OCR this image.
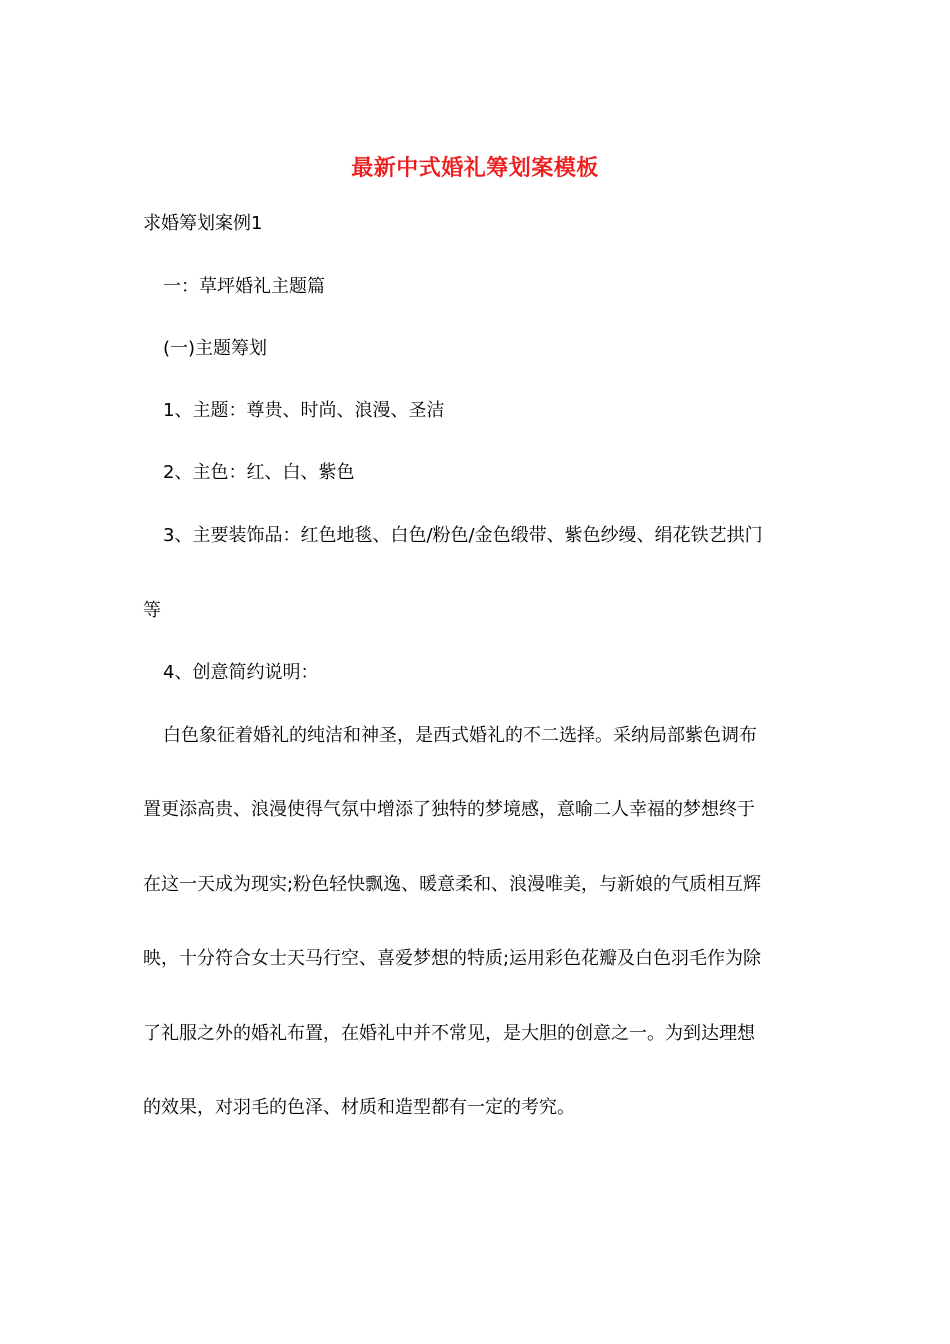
最新中式婚礼筹划案模板
求婚筹划案例1
一：草坪婚礼主题篇
(一)主题筹划
1、主题：尊贵、时尚、浪漫、圣洁
2、主色：红、白、紫色
3、主要装饰品：红色地毯、白色/粉色/金色缎带、紫色纱缦、绢花铁艺拱门
等
4、创意简约说明：
白色象征着婚礼的纯洁和神圣，是西式婚礼的不二选择。采纳局部紫色调布
置更添高贵、浪漫使得气氛中增添了独特的梦境感，意喻二人幸福的梦想终于
在这一天成为现实;粉色轻快飘逸、暖意柔和、浪漫唯美，与新娘的气质相互辉
映，十分符合女士天马行空、喜爱梦想的特质;运用彩色花瓣及白色羽毛作为除
了礼服之外的婚礼布置，在婚礼中并不常见，是大胆的创意之一。为到达理想
的效果，对羽毛的色泽、材质和造型都有一定的考究。
